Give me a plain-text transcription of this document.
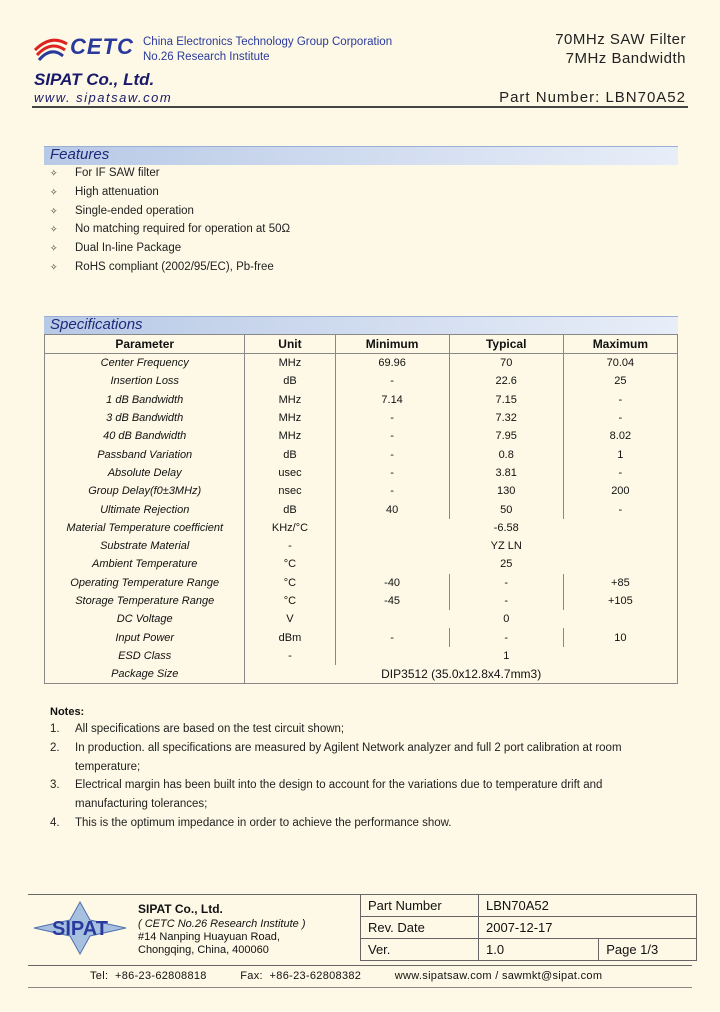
CETC China Electronics Technology Group Corporation
No.26 Research Institute
70MHz SAW Filter
7MHz Bandwidth
SIPAT Co., Ltd.
www. sipatsaw.com	Part Number: LBN70A52
Features
✧ For IF SAW filter
✧ High attenuation
✧ Single-ended operation
✧ No matching required for operation at 50Ω
✧ Dual In-line Package
✧ RoHS compliant (2002/95/EC), Pb-free
Specifications
Parameter	Unit	Minimum	Typical	Maximum
Center Frequency	MHz	69.96	70	70.04
Insertion Loss	dB	-	22.6	25
1 dB Bandwidth	MHz	7.14	7.15	-
3 dB Bandwidth	MHz	-	7.32	-
40 dB Bandwidth	MHz	-	7.95	8.02
Passband Variation	dB	-	0.8	1
Absolute Delay	usec	-	3.81	-
Group Delay(f0±3MHz)	nsec	-	130	200
Ultimate Rejection	dB	40	50	-
Material Temperature coefficient	KHz/°C	-6.58		
Substrate Material	-	YZ LN		
Ambient Temperature	°C	25		
Operating Temperature Range	°C	-40	-	+85
Storage Temperature Range	°C	-45	-	+105
DC Voltage	V	0		
Input Power	dBm	-	-	10
ESD Class	-	1		
Package Size	DIP3512 (35.0x12.8x4.7mm3)			
Notes:
1. All specifications are based on the test circuit shown;
2. In production. all specifications are measured by Agilent Network analyzer and full 2 port calibration at room
temperature;
3. Electrical margin has been built into the design to account for the variations due to temperature drift and
manufacturing tolerances;
4. This is the optimum impedance in order to achieve the performance show.
SIPAT
SIPAT Co., Ltd.
( CETC No.26 Research Institute )
#14 Nanping Huayuan Road,
Chongqing, China, 400060
Part Number	LBN70A52	
Rev. Date	2007-12-17	
Ver.	1.0	Page 1/3
Tel:  +86-23-62808818          Fax:  +86-23-62808382          www.sipatsaw.com / sawmkt@sipat.com
